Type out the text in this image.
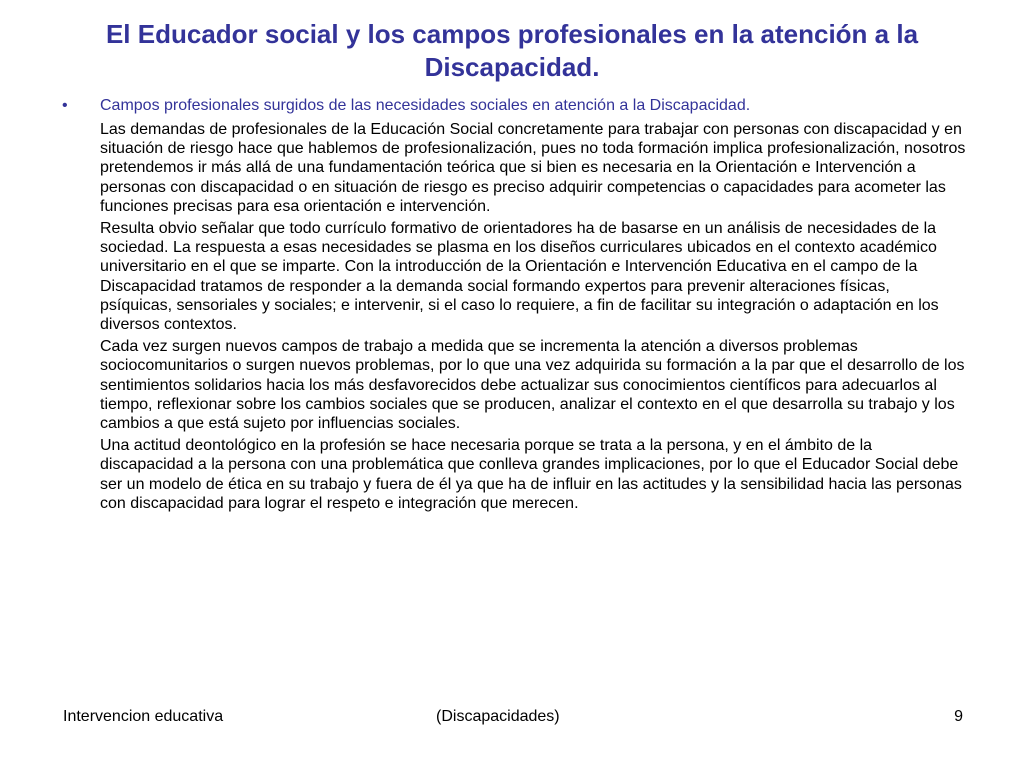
El Educador social y los campos profesionales en la atención a la Discapacidad.
• Campos profesionales surgidos de las necesidades sociales en atención a la Discapacidad.

Las demandas de profesionales de la Educación Social concretamente para trabajar con personas con discapacidad y en situación de riesgo hace que hablemos de profesionalización, pues no toda formación implica profesionalización, nosotros pretendemos ir más allá de una fundamentación teórica que si bien es necesaria en la Orientación e Intervención a personas con discapacidad o en situación de riesgo es preciso adquirir competencias o capacidades para acometer las funciones precisas para esa orientación e intervención.

Resulta obvio señalar que todo currículo formativo de orientadores ha de basarse en un análisis de necesidades de la sociedad. La respuesta a esas necesidades se plasma en los diseños curriculares ubicados en el contexto académico universitario en el que se imparte. Con la introducción de la Orientación e Intervención Educativa en el campo de la Discapacidad tratamos de responder a la demanda social formando expertos para prevenir alteraciones físicas, psíquicas, sensoriales y sociales; e intervenir, si el caso lo requiere, a fin de facilitar su integración o adaptación en los diversos contextos.

Cada vez surgen nuevos campos de trabajo a medida que se incrementa la atención a diversos problemas sociocomunitarios o surgen nuevos problemas, por lo que una vez adquirida su formación a la par que el desarrollo de los sentimientos solidarios hacia los más desfavorecidos debe actualizar sus conocimientos científicos para adecuarlos al tiempo, reflexionar sobre los cambios sociales que se producen, analizar el contexto en el que desarrolla su trabajo y los cambios a que está sujeto por influencias sociales.

Una actitud deontológico en la profesión se hace necesaria porque se trata a la persona, y en el ámbito de la discapacidad a la persona con una problemática que conlleva grandes implicaciones, por lo que el Educador Social debe ser un modelo de ética en su trabajo y fuera de él ya que ha de influir en las actitudes y la sensibilidad hacia las personas con discapacidad para lograr el respeto e integración que merecen.

Intervencion educativa	(Discapacidades)	9
